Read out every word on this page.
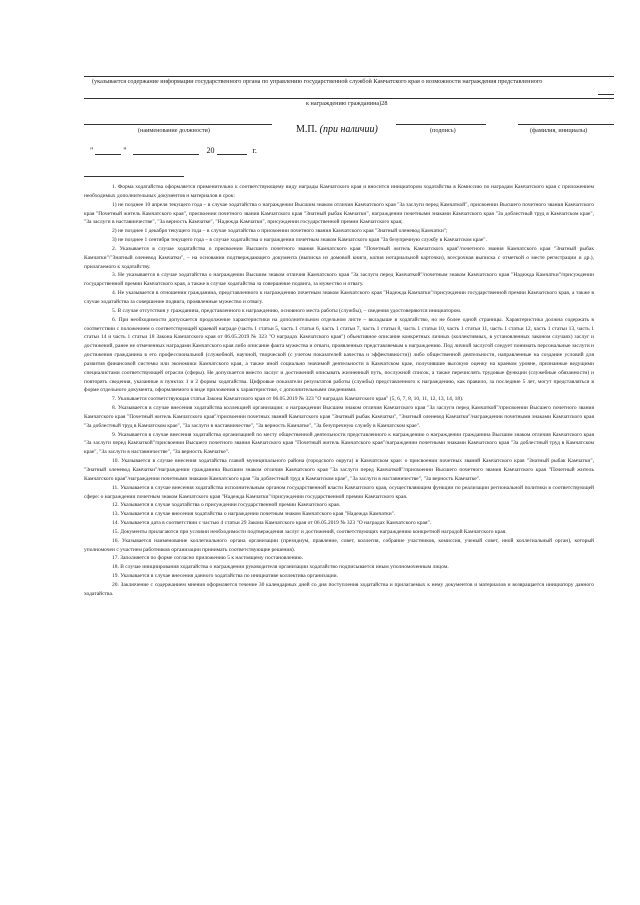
(указывается содержание информации государственного органа по управлению государственной службой Камчатского края о возможности награждения представленного
к награждению гражданина)28
(наименование должности)	М.П. (при наличии)	(подпись)	(фамилия, инициалы)
"	"	20	г.

1. Форма ходатайства оформляется применительно к соответствующему виду награды Камчатского края и вносится инициатором ходатайства в Комиссию по наградам Камчатского края с приложением необходимых дополнительных документов и материалов в срок:

1) не позднее 10 апреля текущего года – в случае ходатайства о награждении Высшим знаком отличия Камчатского края "За заслуги перед Камчаткой", присвоении Высшего почетного звания Камчатского края "Почетный житель Камчатского края", присвоении почетного звания Камчатского края "Знатный рыбак Камчатки", награждении почетными знаками Камчатского края "За доблестный труд в Камчатском крае", "За заслуги в наставничестве", "За верность Камчатке", "Надежда Камчатки", присуждении государственной премии Камчатского края;

2) не позднее 1 декабря текущего года – в случае ходатайства о присвоении почетного звания Камчатского края "Знатный оленевод Камчатки";

3) не позднее 1 сентября текущего года – в случае ходатайства о награждении почетным знаком Камчатского края "За безупречную службу в Камчатском крае".

2. Указывается в случае ходатайства о присвоении Высшего почетного звания Камчатского края "Почетный житель Камчатского края"/почетного звания Камчатского края "Знатный рыбак Камчатки"/"Знатный оленевод Камчатки", – на основании подтверждающего документа (выписка из домовой книги, копия нотариальной карточки), всесрочная выписка с отметкой о месте регистрации и др.), прилагаемого к ходатайству.

3. Не указывается в случае ходатайства о награждении Высшим знаком отличия Камчатского края "За заслуги перед Камчаткой"/почетным знаком Камчатского края "Надежда Камчатки"/присуждении государственной премии Камчатского края, а также в случае ходатайства за совершение подвига, за мужество и отвагу.

4. Не указывается в отношении гражданина, представленного к награждению почетным знаком Камчатского края "Надежда Камчатки"/присуждении государственной премии Камчатского края, а также в случае ходатайства за совершение подвига, проявленные мужество и отвагу.

5. В случае отсутствия у гражданина, представленного к награждению, основного места работы (службы), – сведения удостоверяются инициатором.

6. При необходимости допускается продолжение характеристики на дополнительном отдельном листе – вкладыше в ходатайство, но не более одной страницы. Характеристика должна содержать в соответствии с положением о соответствующей краевой награде (часть 1 статьи 5, часть 1 статьи 6, часть 1 статьи 7, часть 1 статьи 8, часть 1 статьи 10, часть 1 статьи 11, часть 1 статьи 12, часть 1 статьи 13, часть 1 статьи 14 и часть 1 статьи 18 Закона Камчатского края от 06.05.2019 № 323 "О наградах Камчатского края") объективное описание конкретных личных (коллективных, в установленных законом случаях) заслуг и достижений, ранее не отмеченных наградами Камчатского края либо описание факта мужества и отваги, проявленных представляемым к награждению. Под личной заслугой следует понимать персональные заслуги и достижения гражданина в его профессиональной (служебной, научной, творческой (с учетом показателей качества и эффективности)) либо общественной деятельности, направленные на создание условий для развития финансовой системы или экономики Камчатского края, а также иной социально значимой деятельности в Камчатском крае, получившие высокую оценку на краевом уровне, признанные ведущими специалистами соответствующей отрасли (сферы). Не допускается вместо заслуг и достижений описывать жизненный путь, послужной список, а также перечислять трудовые функции (служебные обязанности) и повторять сведения, указанные в пунктах 1 и 2 формы ходатайства. Цифровые показатели результатов работы (службы) представленного к награждению, как правило, за последние 5 лет, могут представляться в форме отдельного документа, оформляемого в виде приложения к характеристике, с дополнительными сведениями.

7. Указывается соответствующая статья Закона Камчатского края от 06.05.2019 № 323 "О наградах Камчатского края" (5, 6, 7, 8, 10, 11, 12, 13, 14, 18).

8. Указывается в случае внесения ходатайства коллекцией организации: о награждении Высшим знаком отличия Камчатского края "За заслуги перед Камчаткой"/присвоении Высшего почетного звания Камчатского края "Почетный житель Камчатского края"/присвоении почетных званий Камчатского края "Знатный рыбак Камчатки", "Знатный оленевод Камчатки"/награждении почетными знаками Камчатского края "За доблестный труд в Камчатском крае", "За заслуги в наставничестве", "За верность Камчатке", "За безупречную службу в Камчатском крае".

9. Указывается в случае внесения ходатайства организацией по месту общественной деятельности представленного к награждению о награждении гражданина Высшим знаком отличия Камчатского края "За заслуги перед Камчаткой"/присвоении Высшего почетного звания Камчатского края "Почетный житель Камчатского края"/награждении почетными знаками Камчатского края "За доблестный труд в Камчатском крае", "За заслуги в наставничестве", "За верность Камчатке".

10. Указывается в случае внесения ходатайства главой муниципального района (городского округа) в Камчатском крае: о присвоении почетных званий Камчатского края "Знатный рыбак Камчатки", "Знатный оленевод Камчатки"/награждении гражданина Высшим знаком отличия Камчатского края "За заслуги перед Камчаткой"/присвоении Высшего почетного звания Камчатского края "Почетный житель Камчатского края"/награждении почетными знаками Камчатского края "За доблестный труд в Камчатском крае", "За заслуги в наставничестве", "За верность Камчатке".

11. Указывается в случае внесения ходатайства исполнительным органом государственной власти Камчатского края, осуществляющим функции по реализации региональной политики в соответствующей сфере: о награждении почетным знаком Камчатского края "Надежда Камчатки"/присуждении государственной премии Камчатского края.

12. Указывается в случае ходатайства о присуждении государственной премии Камчатского края.

13. Указывается в случае внесения ходатайства о награждении почетным знаком Камчатского края "Надежда Камчатки".

14. Указывается дата в соответствии с частью 4 статьи 29 Закона Камчатского края от 06.05.2019 № 323 "О наградах Камчатского края".

15. Документы прилагаются при условии необходимости подтверждения заслуг и достижений, соответствующих награждению конкретной наградой Камчатского края.

16. Указывается наименование коллегиального органа организации (президиум, правление, совет, коллегия, собрание участников, комиссия, ученый совет, иной коллегиальный орган), который уполномочен с участием работников организации принимать соответствующие решения).

17. Заполняется по форме согласно приложению 5 к настоящему постановлению.

18. В случае инициирования ходатайства о награждении руководителя организации ходатайство подписывается иным уполномоченным лицом.

19. Указывается в случае внесения данного ходатайства по инициативе коллектива организации.

20. Заключение с содержанием мнения оформляется течение 30 календарных дней со дня поступления ходатайства и прилагаемых к нему документов и материалов и возвращается инициатору данного ходатайства.
